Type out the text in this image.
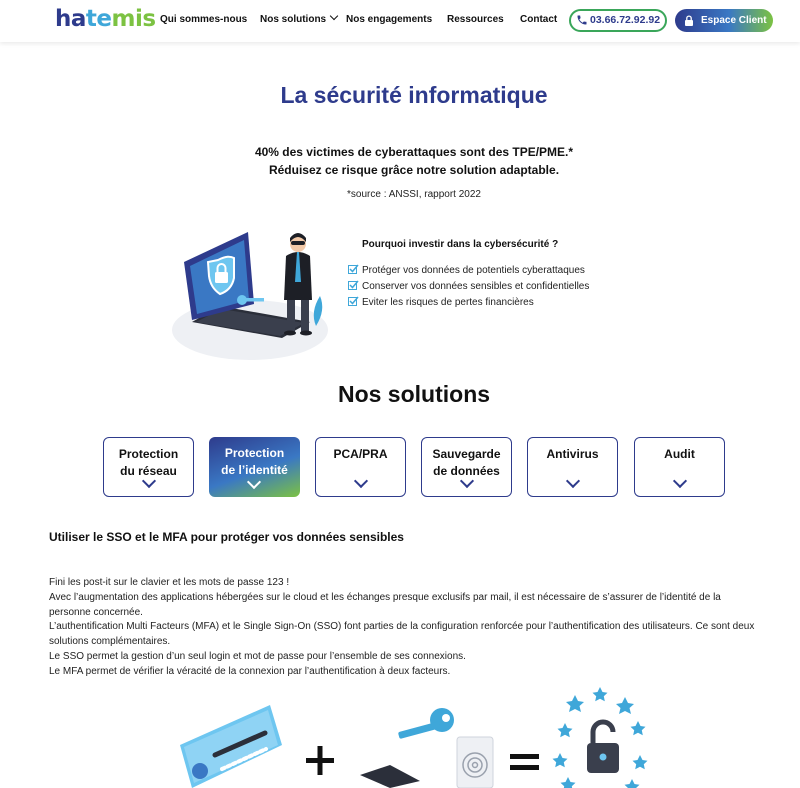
hatemis Qui sommes-nous Nos solutions	Nos engagements Ressources Contact	03.66.72.92.92	Espace Client
La sécurité informatique
40% des victimes de cyberattaques sont des TPE/PME.*
Réduisez ce risque grâce notre solution adaptable.
*source : ANSSI, rapport 2022
Pourquoi investir dans la cybersécurité ?
Protéger vos données de potentiels cyberattaques
Conserver vos données sensibles et confidentielles
Eviter les risques de pertes financières
Nos solutions
Protection
du réseau
Protection
de l’identité
PCA/PRA	Sauvegarde
de données
Antivirus	Audit
Utiliser le SSO et le MFA pour protéger vos données sensibles

Fini les post-it sur le clavier et les mots de passe 123 !

Avec l’augmentation des applications hébergées sur le cloud et les échanges presque exclusifs par mail, il est nécessaire de s’assurer de l’identité de la personne concernée.

L’authentification Multi Facteurs (MFA) et le Single Sign-On (SSO) font parties de la configuration renforcée pour l’authentification des utilisateurs. Ce sont deux solutions complémentaires.

Le SSO permet la gestion d’un seul login et mot de passe pour l’ensemble de ses connexions.

Le MFA permet de vérifier la véracité de la connexion par l’authentification à deux facteurs.
